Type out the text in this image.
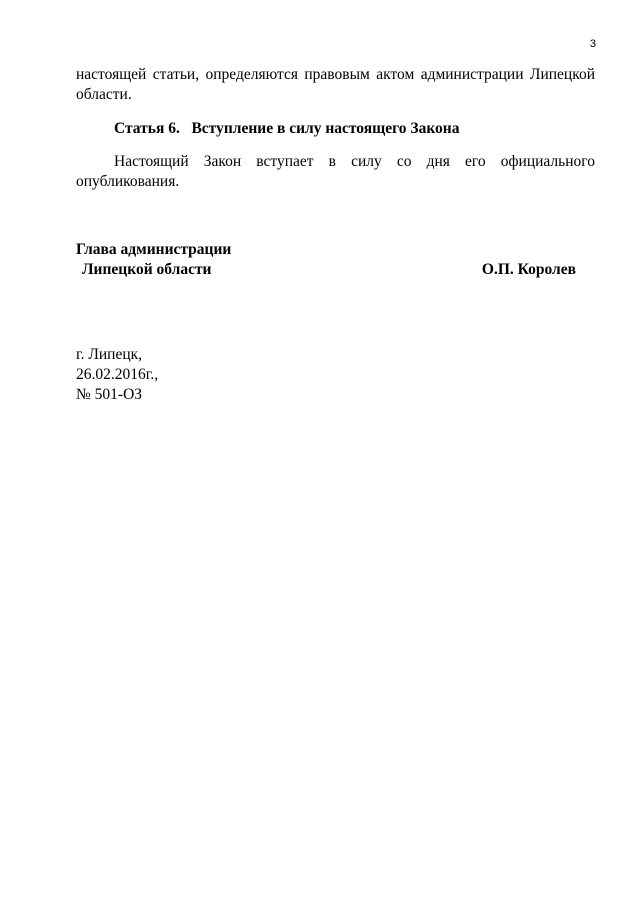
3
настоящей статьи, определяются правовым актом администрации Липецкой
области.
Статья 6.   Вступление в силу настоящего Закона
Настоящий Закон вступает в силу со дня его официального
опубликования.
Глава администрации
Липецкой области	О.П. Королев
г. Липецк,
26.02.2016г.,
№ 501-ОЗ
